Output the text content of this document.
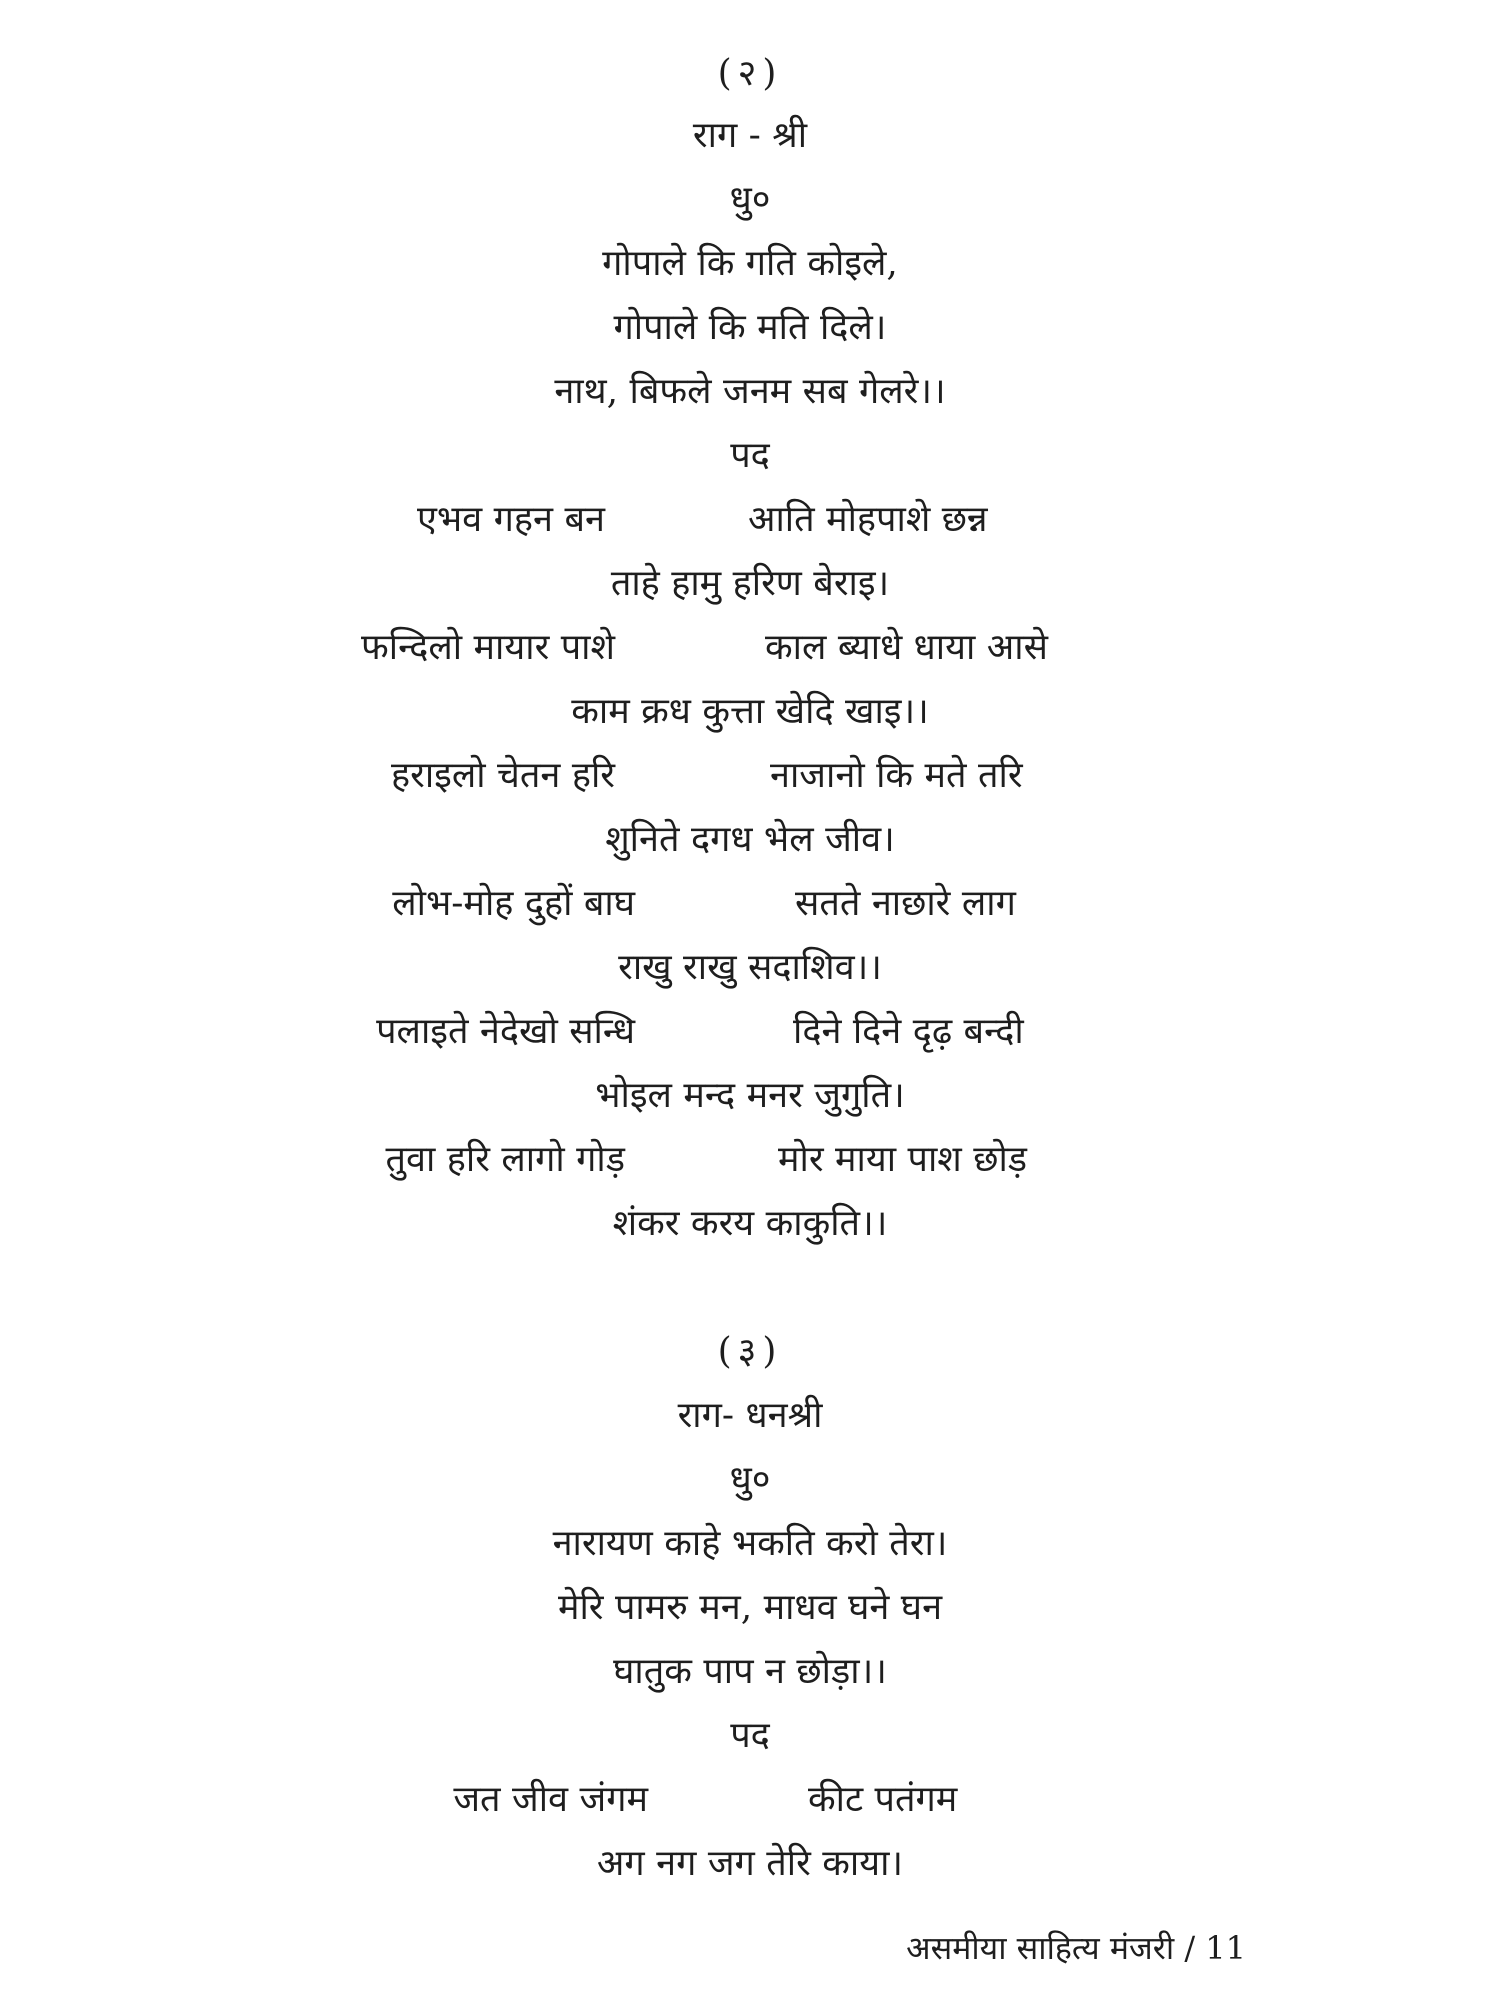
(२)
राग - श्री
धु०
गोपाले कि गति कोइले,
गोपाले कि मति दिले।
नाथ, बिफले जनम सब गेलरे।।
पद
एभव गहन बन	आति मोहपाशे छन्न
ताहे हामु हरिण बेराइ।
फन्दिलो मायार पाशे	काल ब्याधे धाया आसे
काम क्रध कुत्ता खेदि खाइ।।
हराइलो चेतन हरि	नाजानो कि मते तरि
शुनिते दगध भेल जीव।
लोभ-मोह दुहों बाघ	सतते नाछारे लाग
राखु राखु सदाशिव।।
पलाइते नेदेखो सन्धि	दिने दिने दृढ़ बन्दी
भोइल मन्द मनर जुगुति।
तुवा हरि लागो गोड़	मोर माया पाश छोड़
शंकर करय काकुति।।
(३)
राग- धनश्री
धु०
नारायण काहे भकति करो तेरा।
मेरि पामरु मन, माधव घने घन
घातुक पाप न छोड़ा।।
पद
जत जीव जंगम	कीट पतंगम
अग नग जग तेरि काया।
असमीया साहित्य मंजरी / 11
